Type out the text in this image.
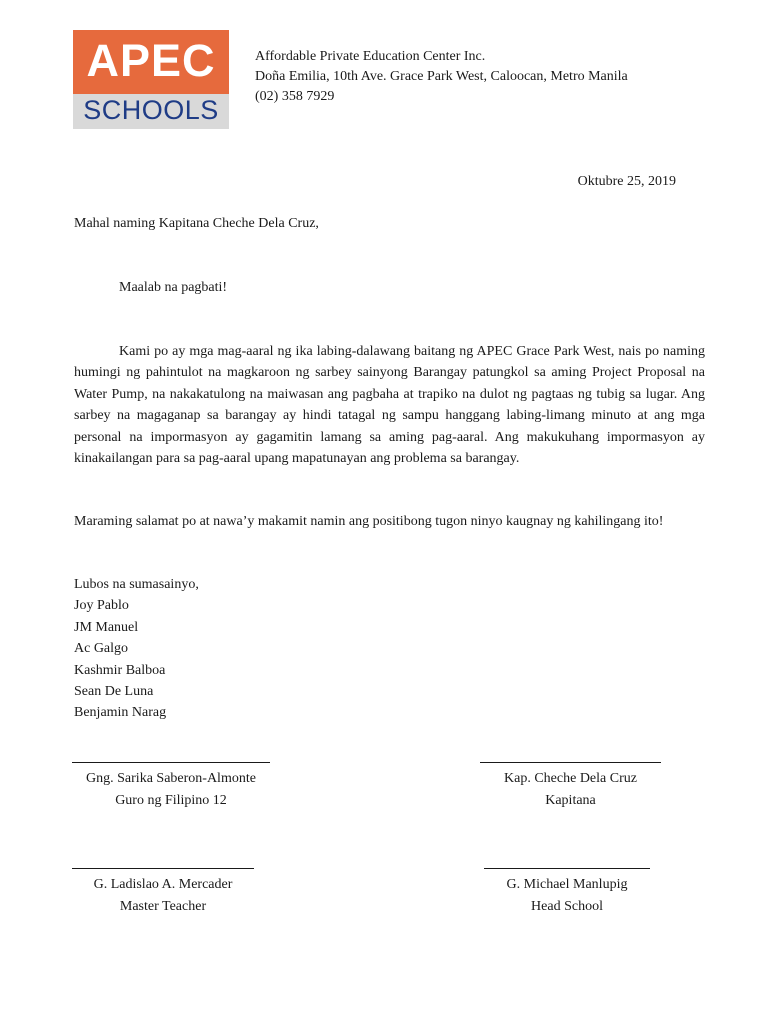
APEC
SCHOOLS
Affordable Private Education Center Inc.
Doña Emilia, 10th Ave. Grace Park West, Caloocan, Metro Manila
(02) 358 7929
Oktubre 25, 2019
Mahal naming Kapitana Cheche Dela Cruz,
Maalab na pagbati!
Kami po ay mga mag-aaral ng ika labing-dalawang baitang ng APEC Grace Park West, nais po naming humingi ng pahintulot na magkaroon ng sarbey sainyong Barangay patungkol sa aming Project Proposal na Water Pump, na nakakatulong na maiwasan ang pagbaha at trapiko na dulot ng pagtaas ng tubig sa lugar. Ang sarbey na magaganap sa barangay ay hindi tatagal ng sampu hanggang labing-limang minuto at ang mga personal na impormasyon ay gagamitin lamang sa aming pag-aaral. Ang makukuhang impormasyon ay kinakailangan para sa pag-aaral upang mapatunayan ang problema sa barangay.
Maraming salamat po at nawa’y makamit namin ang positibong tugon ninyo kaugnay ng kahilingang ito!
Lubos na sumasainyo,
Joy Pablo
JM Manuel
Ac Galgo
Kashmir Balboa
Sean De Luna
Benjamin Narag
Gng. Sarika Saberon-Almonte
Guro ng Filipino 12
Kap. Cheche Dela Cruz
Kapitana
G. Ladislao A. Mercader
Master Teacher
G. Michael Manlupig
Head School
